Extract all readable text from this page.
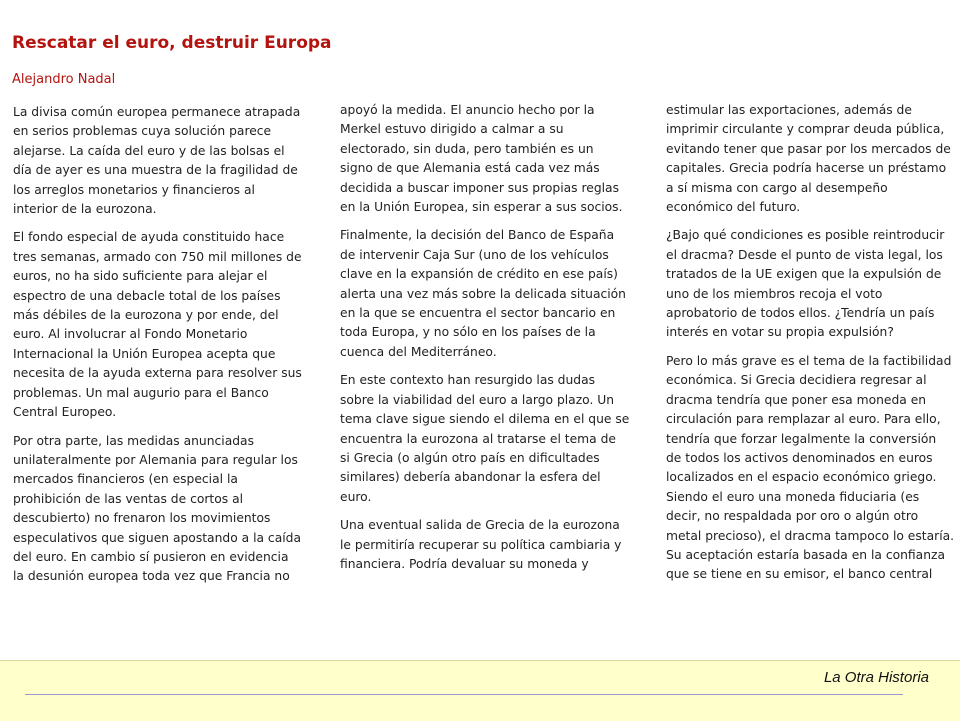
Rescatar el euro, destruir Europa
Alejandro Nadal

La divisa común europea permanece atrapada
en serios problemas cuya solución parece
alejarse. La caída del euro y de las bolsas el
día de ayer es una muestra de la fragilidad de
los arreglos monetarios y financieros al
interior de la eurozona.

El fondo especial de ayuda constituido hace
tres semanas, armado con 750 mil millones de
euros, no ha sido suficiente para alejar el
espectro de una debacle total de los países
más débiles de la eurozona y por ende, del
euro. Al involucrar al Fondo Monetario
Internacional la Unión Europea acepta que
necesita de la ayuda externa para resolver sus
problemas. Un mal augurio para el Banco
Central Europeo.

Por otra parte, las medidas anunciadas
unilateralmente por Alemania para regular los
mercados financieros (en especial la
prohibición de las ventas de cortos al
descubierto) no frenaron los movimientos
especulativos que siguen apostando a la caída
del euro. En cambio sí pusieron en evidencia
la desunión europea toda vez que Francia no

apoyó la medida. El anuncio hecho por la
Merkel estuvo dirigido a calmar a su
electorado, sin duda, pero también es un
signo de que Alemania está cada vez más
decidida a buscar imponer sus propias reglas
en la Unión Europea, sin esperar a sus socios.

Finalmente, la decisión del Banco de España
de intervenir Caja Sur (uno de los vehículos
clave en la expansión de crédito en ese país)
alerta una vez más sobre la delicada situación
en la que se encuentra el sector bancario en
toda Europa, y no sólo en los países de la
cuenca del Mediterráneo.

En este contexto han resurgido las dudas
sobre la viabilidad del euro a largo plazo. Un
tema clave sigue siendo el dilema en el que se
encuentra la eurozona al tratarse el tema de
si Grecia (o algún otro país en dificultades
similares) debería abandonar la esfera del
euro.

Una eventual salida de Grecia de la eurozona
le permitiría recuperar su política cambiaria y
financiera. Podría devaluar su moneda y

estimular las exportaciones, además de
imprimir circulante y comprar deuda pública,
evitando tener que pasar por los mercados de
capitales. Grecia podría hacerse un préstamo
a sí misma con cargo al desempeño
económico del futuro.

¿Bajo qué condiciones es posible reintroducir
el dracma? Desde el punto de vista legal, los
tratados de la UE exigen que la expulsión de
uno de los miembros recoja el voto
aprobatorio de todos ellos. ¿Tendría un país
interés en votar su propia expulsión?

Pero lo más grave es el tema de la factibilidad
económica. Si Grecia decidiera regresar al
dracma tendría que poner esa moneda en
circulación para remplazar al euro. Para ello,
tendría que forzar legalmente la conversión
de todos los activos denominados en euros
localizados en el espacio económico griego.
Siendo el euro una moneda fiduciaria (es
decir, no respaldada por oro o algún otro
metal precioso), el dracma tampoco lo estaría.
Su aceptación estaría basada en la confianza
que se tiene en su emisor, el banco central

La Otra Historia
